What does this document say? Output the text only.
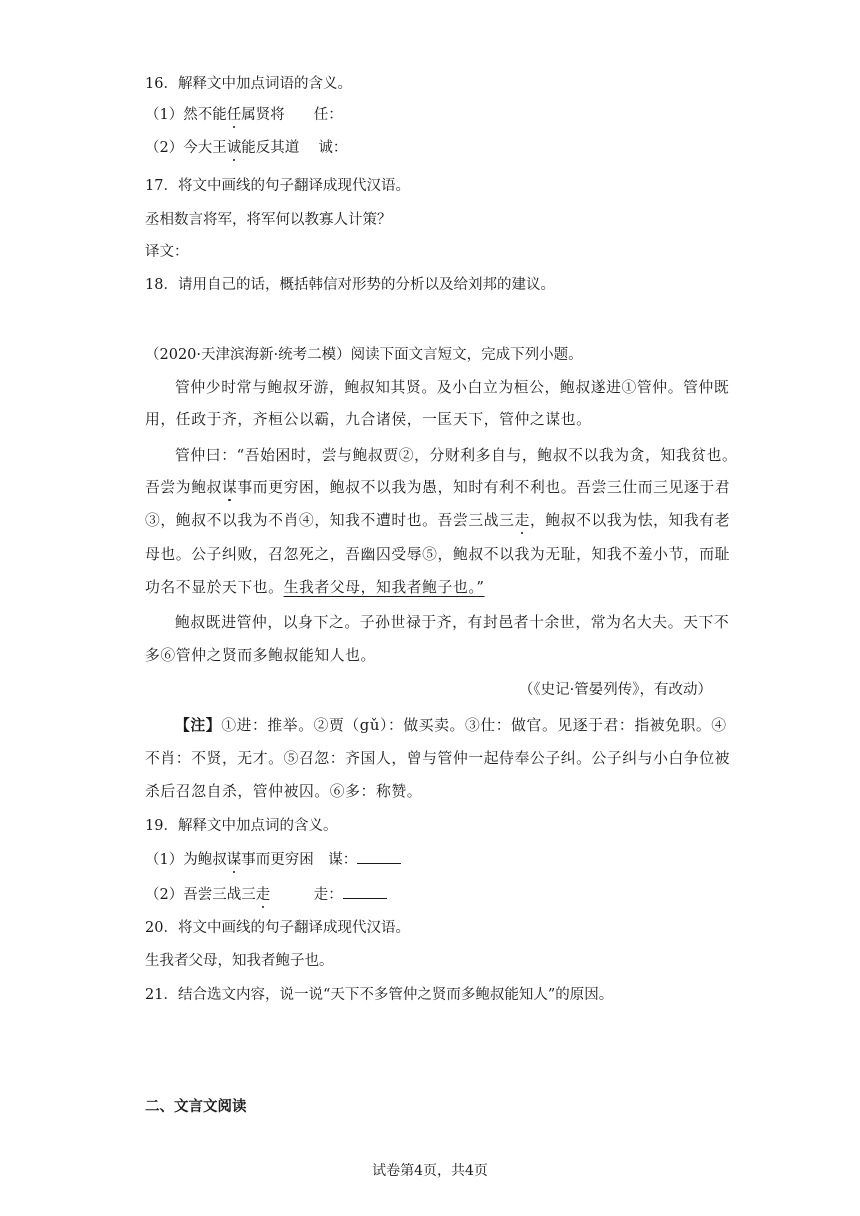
16．解释文中加点词语的含义。
（1）然不能任属贤将　　任：
（2）今大王诚能反其道　 诚：
17．将文中画线的句子翻译成现代汉语。
丞相数言将军，将军何以教寡人计策？
译文：
18．请用自己的话，概括韩信对形势的分析以及给刘邦的建议。
（2020·天津滨海新·统考二模）阅读下面文言短文，完成下列小题。
管仲少时常与鲍叔牙游，鲍叔知其贤。及小白立为桓公，鲍叔遂进①管仲。管仲既
用，任政于齐，齐桓公以霸，九合诸侯，一匡天下，管仲之谋也。
管仲曰：“吾始困时，尝与鲍叔贾②，分财利多自与，鲍叔不以我为贪，知我贫也。
吾尝为鲍叔谋事而更穷困，鲍叔不以我为愚，知时有利不利也。吾尝三仕而三见逐于君
③，鲍叔不以我为不肖④，知我不遭时也。吾尝三战三走，鲍叔不以我为怯，知我有老
母也。公子纠败，召忽死之，吾幽囚受辱⑤，鲍叔不以我为无耻，知我不羞小节，而耻
功名不显於天下也。生我者父母，知我者鲍子也。”
鲍叔既进管仲，以身下之。子孙世禄于齐，有封邑者十余世，常为名大夫。天下不
多⑥管仲之贤而多鲍叔能知人也。
（《史记·管晏列传》，有改动）
【注】①进：推举。②贾（gǔ）：做买卖。③仕：做官。见逐于君：指被免职。④
不肖：不贤，无才。⑤召忽：齐国人，曾与管仲一起侍奉公子纠。公子纠与小白争位被
杀后召忽自杀，管仲被囚。⑥多：称赞。
19．解释文中加点词的含义。
（1）为鲍叔谋事而更穷困　谋：
（2）吾尝三战三走　　　走：
20．将文中画线的句子翻译成现代汉语。
生我者父母，知我者鲍子也。
21．结合选文内容，说一说“天下不多管仲之贤而多鲍叔能知人”的原因。
二、文言文阅读
试卷第4页，共4页
